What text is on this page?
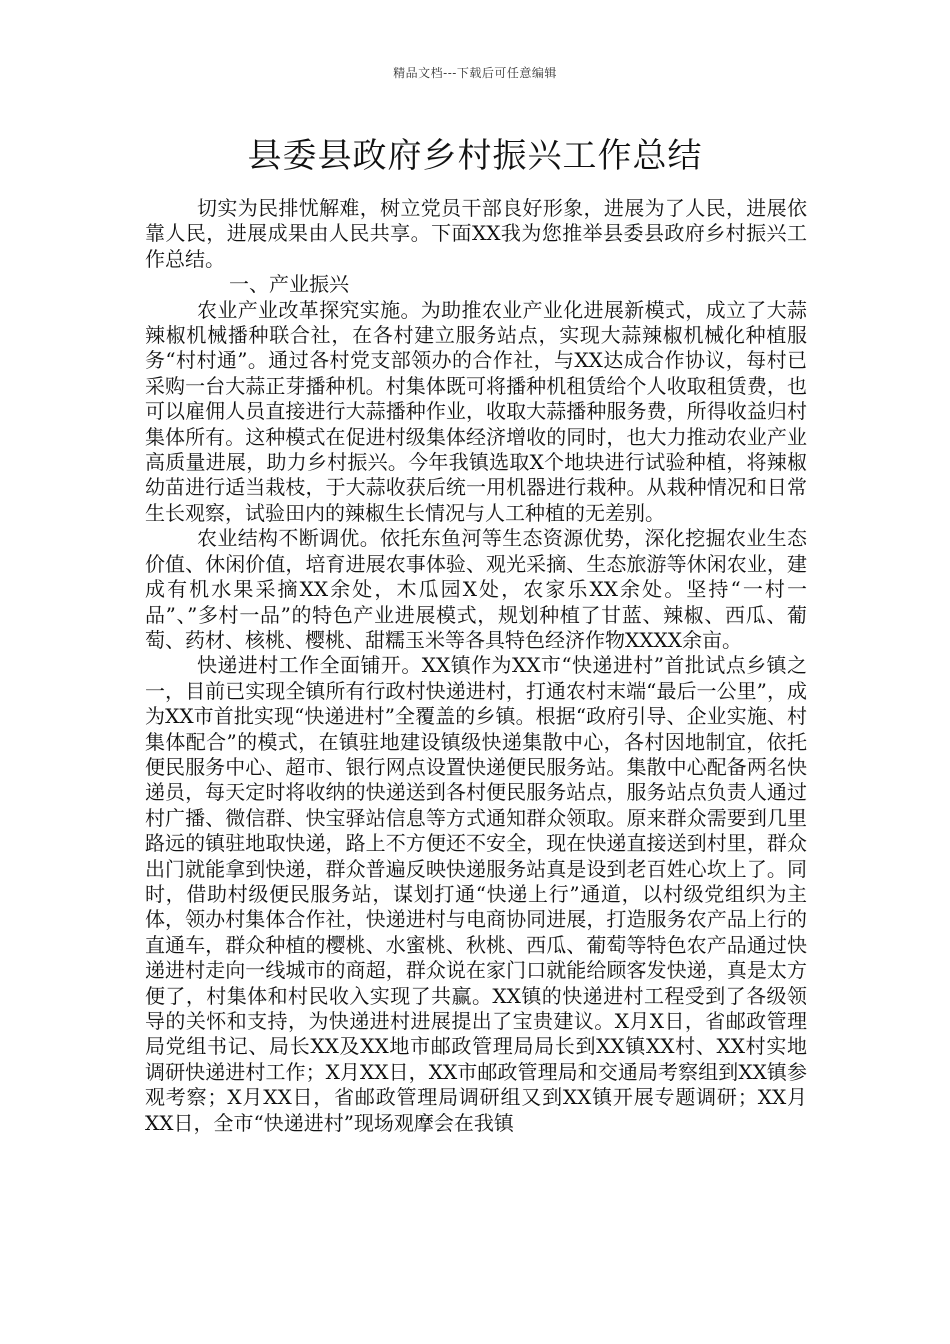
精品文档---下载后可任意编辑
县委县政府乡村振兴工作总结

切实为民排忧解难，树立党员干部良好形象，进展为了人民，进展依靠人民，进展成果由人民共享。下面XX我为您推举县委县政府乡村振兴工作总结。

一、产业振兴

农业产业改革探究实施。为助推农业产业化进展新模式，成立了大蒜辣椒机械播种联合社，在各村建立服务站点，实现大蒜辣椒机械化种植服务“村村通”。通过各村党支部领办的合作社，与XX达成合作协议，每村已采购一台大蒜正芽播种机。村集体既可将播种机租赁给个人收取租赁费，也可以雇佣人员直接进行大蒜播种作业，收取大蒜播种服务费，所得收益归村集体所有。这种模式在促进村级集体经济增收的同时，也大力推动农业产业高质量进展，助力乡村振兴。今年我镇选取X个地块进行试验种植，将辣椒幼苗进行适当栽枝，于大蒜收获后统一用机器进行栽种。从栽种情况和日常生长观察，试验田内的辣椒生长情况与人工种植的无差别。

农业结构不断调优。依托东鱼河等生态资源优势，深化挖掘农业生态价值、休闲价值，培育进展农事体验、观光采摘、生态旅游等休闲农业，建成有机水果采摘XX余处，木瓜园X处，农家乐XX余处。坚持“一村一品”、”多村一品”的特色产业进展模式，规划种植了甘蓝、辣椒、西瓜、葡萄、药材、核桃、樱桃、甜糯玉米等各具特色经济作物XXXX余亩。

快递进村工作全面铺开。XX镇作为XX市“快递进村”首批试点乡镇之一，目前已实现全镇所有行政村快递进村，打通农村末端“最后一公里”，成为XX市首批实现“快递进村”全覆盖的乡镇。根据“政府引导、企业实施、村集体配合”的模式，在镇驻地建设镇级快递集散中心，各村因地制宜，依托便民服务中心、超市、银行网点设置快递便民服务站。集散中心配备两名快递员，每天定时将收纳的快递送到各村便民服务站点，服务站点负责人通过村广播、微信群、快宝驿站信息等方式通知群众领取。原来群众需要到几里路远的镇驻地取快递，路上不方便还不安全，现在快递直接送到村里，群众出门就能拿到快递，群众普遍反映快递服务站真是设到老百姓心坎上了。同时，借助村级便民服务站，谋划打通“快递上行”通道，以村级党组织为主体，领办村集体合作社，快递进村与电商协同进展，打造服务农产品上行的直通车，群众种植的樱桃、水蜜桃、秋桃、西瓜、葡萄等特色农产品通过快递进村走向一线城市的商超，群众说在家门口就能给顾客发快递，真是太方便了，村集体和村民收入实现了共赢。XX镇的快递进村工程受到了各级领导的关怀和支持，为快递进村进展提出了宝贵建议。X月X日，省邮政管理局党组书记、局长XX及XX地市邮政管理局局长到XX镇XX村、XX村实地调研快递进村工作；X月XX日，XX市邮政管理局和交通局考察组到XX镇参观考察；X月XX日，省邮政管理局调研组又到XX镇开展专题调研；XX月XX日，全市“快递进村”现场观摩会在我镇
